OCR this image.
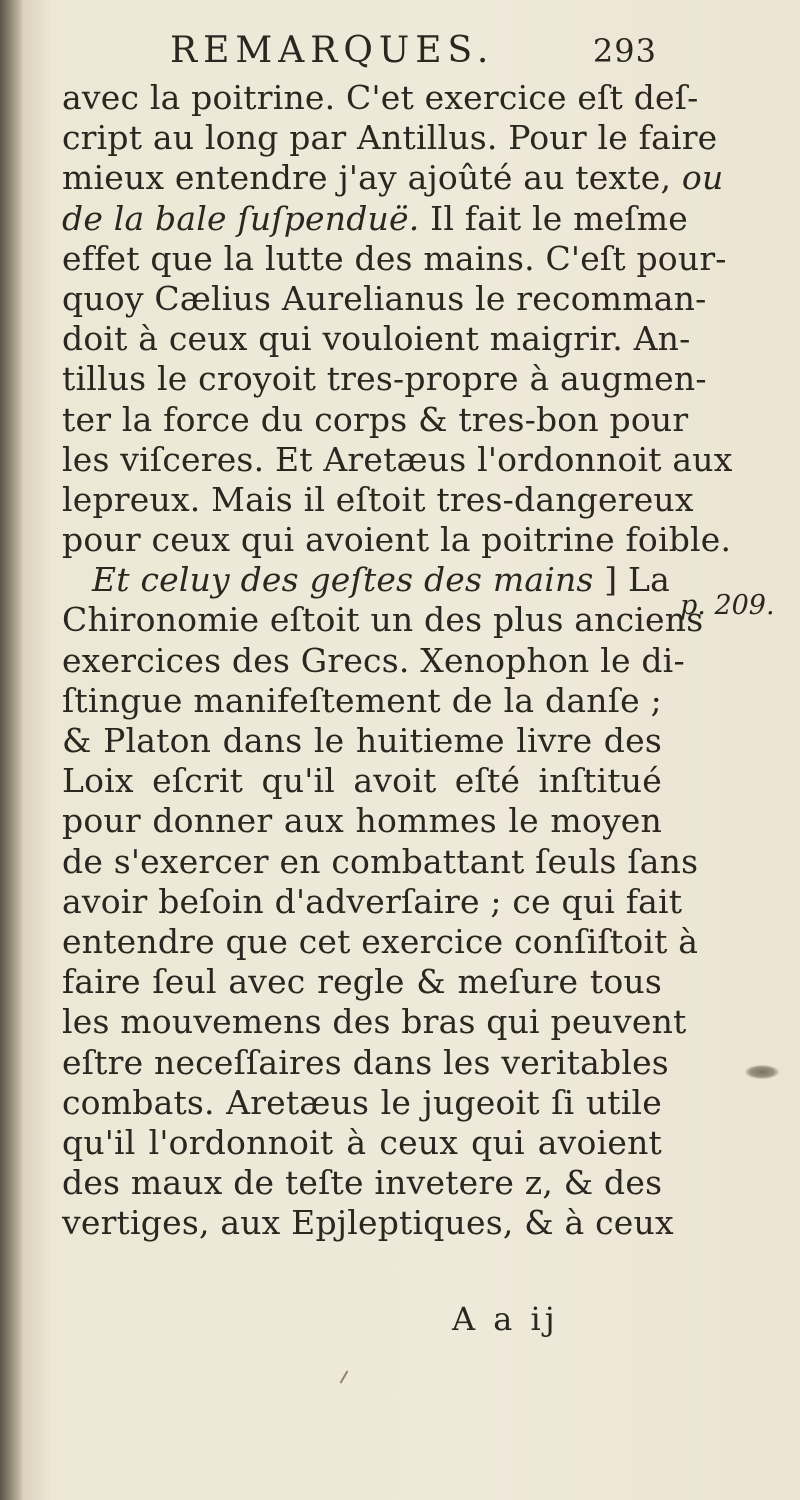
REMARQUES.	293
avec la poitrine. C'et exercice eſt deſ-
cript au long par Antillus. Pour le faire
mieux entendre j'ay ajoûté au texte, ou
de la bale ſuſpenduë. Il fait le meſme
effet que la lutte des mains. C'eſt pour-
quoy Cælius Aurelianus le recomman-
doit à ceux qui vouloient maigrir. An-
tillus le croyoit tres-propre à augmen-
ter la force du corps & tres-bon pour
les viſceres. Et Aretæus l'ordonnoit aux
lepreux. Mais il eſtoit tres-dangereux
pour ceux qui avoient la poitrine foible.
Et celuy des geſtes des mains ] La
Chironomie eſtoit un des plus anciens
exercices des Grecs. Xenophon le di-
ſtingue manifeſtement de la danſe ;
& Platon dans le huitieme livre des
Loix eſcrit qu'il avoit eſté inſtitué
pour donner aux hommes le moyen
de s'exercer en combattant ſeuls ſans
avoir beſoin d'adverſaire ; ce qui fait
entendre que cet exercice conſiſtoit à
faire ſeul avec regle & meſure tous
les mouvemens des bras qui peuvent
eſtre neceſſaires dans les veritables
combats. Aretæus le jugeoit ſi utile
qu'il l'ordonnoit à ceux qui avoient
des maux de teſte invetere z, & des
vertiges, aux Epjleptiques, & à ceux
p. 209.
A a ij
